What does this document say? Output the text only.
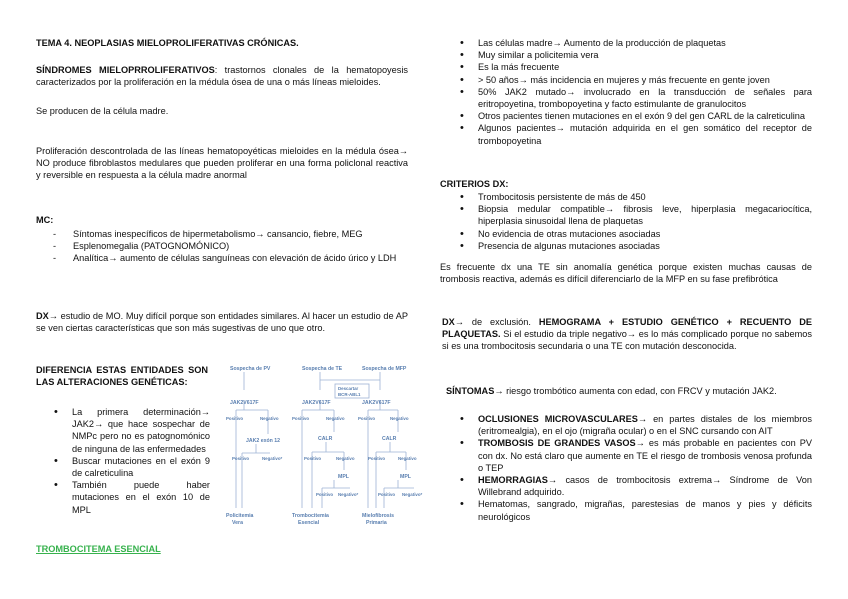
TEMA 4. NEOPLASIAS MIELOPROLIFERATIVAS CRÓNICAS.

SÍNDROMES MIELOPRROLIFERATIVOS: trastornos clonales de la hematopoyesis caracterizados por la proliferación en la médula ósea de una o más líneas mieloides.

Se producen de la célula madre.

Proliferación descontrolada de las líneas hematopoyéticas mieloides en la médula ósea→ NO produce fibroblastos medulares que pueden proliferar en una forma policlonal reactiva y reversible en respuesta a la célula madre anormal

MC:

- Síntomas inespecíficos de hipermetabolismo→ cansancio, fiebre, MEG
- Esplenomegalia (PATOGNOMÓNICO)
- Analítica→ aumento de células sanguíneas con elevación de ácido úrico y LDH

DX→ estudio de MO. Muy difícil porque son entidades similares. Al hacer un estudio de AP se ven ciertas características que son más sugestivas de uno que otro.

DIFERENCIA ESTAS ENTIDADES SON LAS ALTERACIONES GENÉTICAS:

• La primera determinación→ JAK2→ que hace sospechar de NMPc pero no es patognomónico de ninguna de las enfermedades
• Buscar mutaciones en el exón 9 de calreticulina
• También puede haber mutaciones en el exón 10 de MPL

TROMBOCITEMA ESENCIAL

Sospecha de PV	Sospecha de TE	Sospecha de MFP
Descartar
BCR-ABL1
JAK2V617F	JAK2V617F	JAK2V617F
Positivo	Negativo	Positivo	Negativo	Positivo	Negativo
JAK2 exón 12	CALR	CALR
Positivo	Negativo*	Positivo	Negativo	Positivo	Negativo
MPL	MPL
Positivo Negativo*	Positivo Negativo*
Policitemia
Vera
Trombocitemia
Esencial
Mielofibrosis
Primaria
• Las células madre→ Aumento de la producción de plaquetas
• Muy similar a policitemia vera
• Es la más frecuente
• > 50 años→ más incidencia en mujeres y más frecuente en gente joven
• 50% JAK2 mutado→ involucrado en la transducción de señales para eritropoyetina, trombopoyetina y facto estimulante de granulocitos
• Otros pacientes tienen mutaciones en el exón 9 del gen CARL de la calreticulina
• Algunos pacientes→ mutación adquirida en el gen somático del receptor de trombopoyetina

CRITERIOS DX:

• Trombocitosis persistente de más de 450
• Biopsia medular compatible→ fibrosis leve, hiperplasia megacariocítica, hiperplasia sinusoidal llena de plaquetas
• No evidencia de otras mutaciones asociadas
• Presencia de algunas mutaciones asociadas

Es frecuente dx una TE sin anomalía genética porque existen muchas causas de trombosis reactiva, además es difícil diferenciarlo de la MFP en su fase prefibrótica

DX→ de exclusión. HEMOGRAMA + ESTUDIO GENÉTICO + RECUENTO DE PLAQUETAS. Si el estudio da triple negativo→ es lo más complicado porque no sabemos si es una trombocitosis secundaria o una TE con mutación desconocida.

SÍNTOMAS→ riesgo trombótico aumenta con edad, con FRCV y mutación JAK2.

• OCLUSIONES MICROVASCULARES→ en partes distales de los miembros (eritromealgia), en el ojo (migraña ocular) o en el SNC cursando con AIT
• TROMBOSIS DE GRANDES VASOS→ es más probable en pacientes con PV con dx. No está claro que aumente en TE el riesgo de trombosis venosa profunda o TEP
• HEMORRAGIAS→ casos de trombocitosis extrema→ Síndrome de Von Willebrand adquirido.
• Hematomas, sangrado, migrañas, parestesias de manos y pies y déficits neurológicos
